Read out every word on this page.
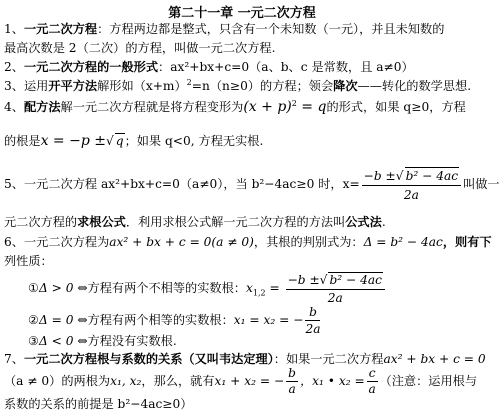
第二十一章 一元二次方程
1、一元二次方程：方程两边都是整式，只含有一个未知数（一元），并且未知数的
最高次数是 2（二次）的方程，叫做一元二次方程.
2、一元二次方程的一般形式：ax²+bx+c=0（a、b、c 是常数，且 a≠0）
3、运用开平方法解形如$(x+m)^2=n(n\ge 0)$的方程；领会降次——转化的数学思想.
4、配方法解一元二次方程就是将方程变形为$(x + p)^2 = q$的形式，如果 q≥0，方程
的根是x = −p ±√ q；如果 q<0, 方程无实根.
5、一元二次方程 ax²+bx+c=0（a≠0），当 b²−4ac≥0 时，$x= \frac{\text{−b ±√ b² − 4ac}}{2a}$ 叫做一
元二次方程的求根公式．利用求根公式解一元二次方程的方法叫公式法.
6、一元二次方程为ax² + bx + c = 0(a ≠ 0)，其根的判别式为：Δ = b² − 4ac，则有下
列性质：
①Δ > 0 ⇔方程有两个不相等的实数根：$x_{1,2} = \frac{\text{−b ±√ b² − 4ac}}{2a}$
②Δ = 0 ⇔方程有两个相等的实数根：x₁ = x₂ = − $\frac{b}{2a}$
③Δ < 0 ⇔方程没有实数根.
7、一元二次方程根与系数的关系（又叫韦达定理）：如果一元二次方程ax² + bx + c = 0
（a ≠ 0）的两根为x₁, x₂，那么，就有x₁ + x₂ = − $\frac{b}{a}$ ，x₁ • $x_2 = \frac{c}{a}$ （注意：运用根与
系数的关系的前提是 b²−4ac≥0）
